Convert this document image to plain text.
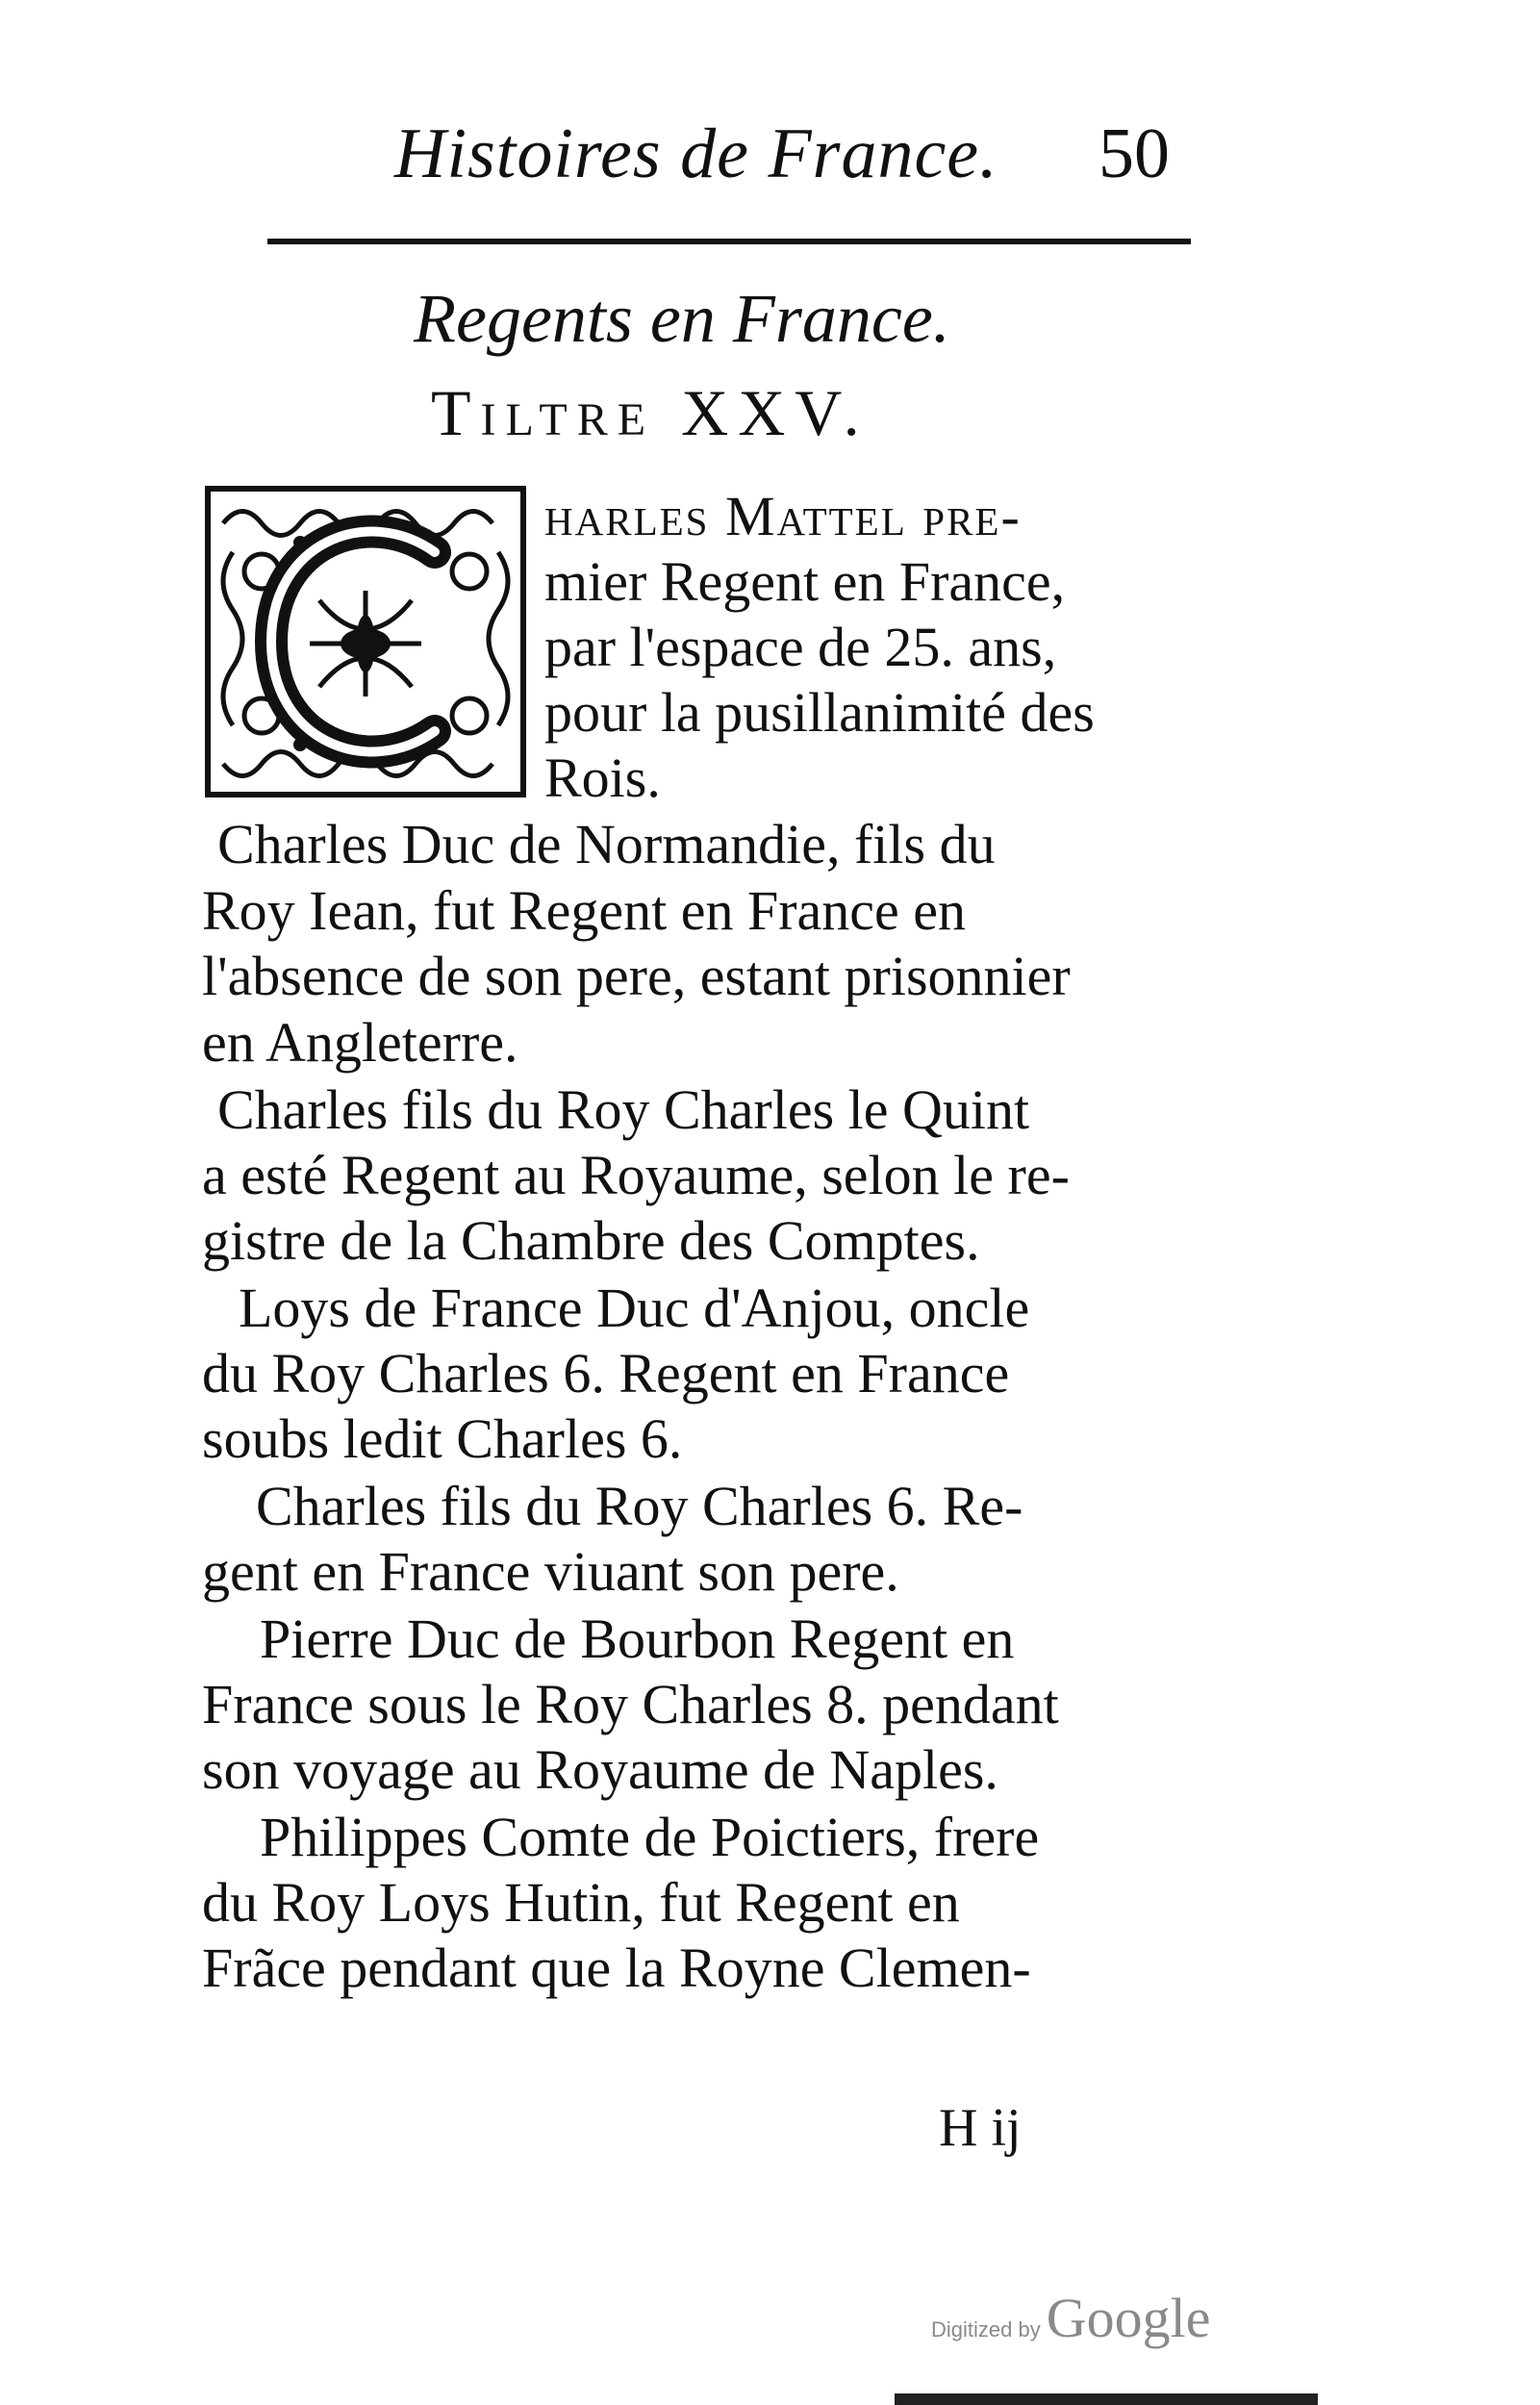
Histoires de France. 50
Regents en France.
Tiltre XXV.
harles Mattel pre-
mier Regent en France,
par l'espace de 25. ans,
pour la pusillanimité des
Rois.
Charles Duc de Normandie, fils du
Roy Iean, fut Regent en France en
l'absence de son pere, estant prisonnier
en Angleterre.
Charles fils du Roy Charles le Quint
a esté Regent au Royaume, selon le re-
gistre de la Chambre des Comptes.
Loys de France Duc d'Anjou, oncle
du Roy Charles 6. Regent en France
soubs ledit Charles 6.
Charles fils du Roy Charles 6. Re-
gent en France viuant son pere.
Pierre Duc de Bourbon Regent en
France sous le Roy Charles 8. pendant
son voyage au Royaume de Naples.
Philippes Comte de Poictiers, frere
du Roy Loys Hutin, fut Regent en
Frãce pendant que la Royne Clemen-
H ij
Digitized by Google
